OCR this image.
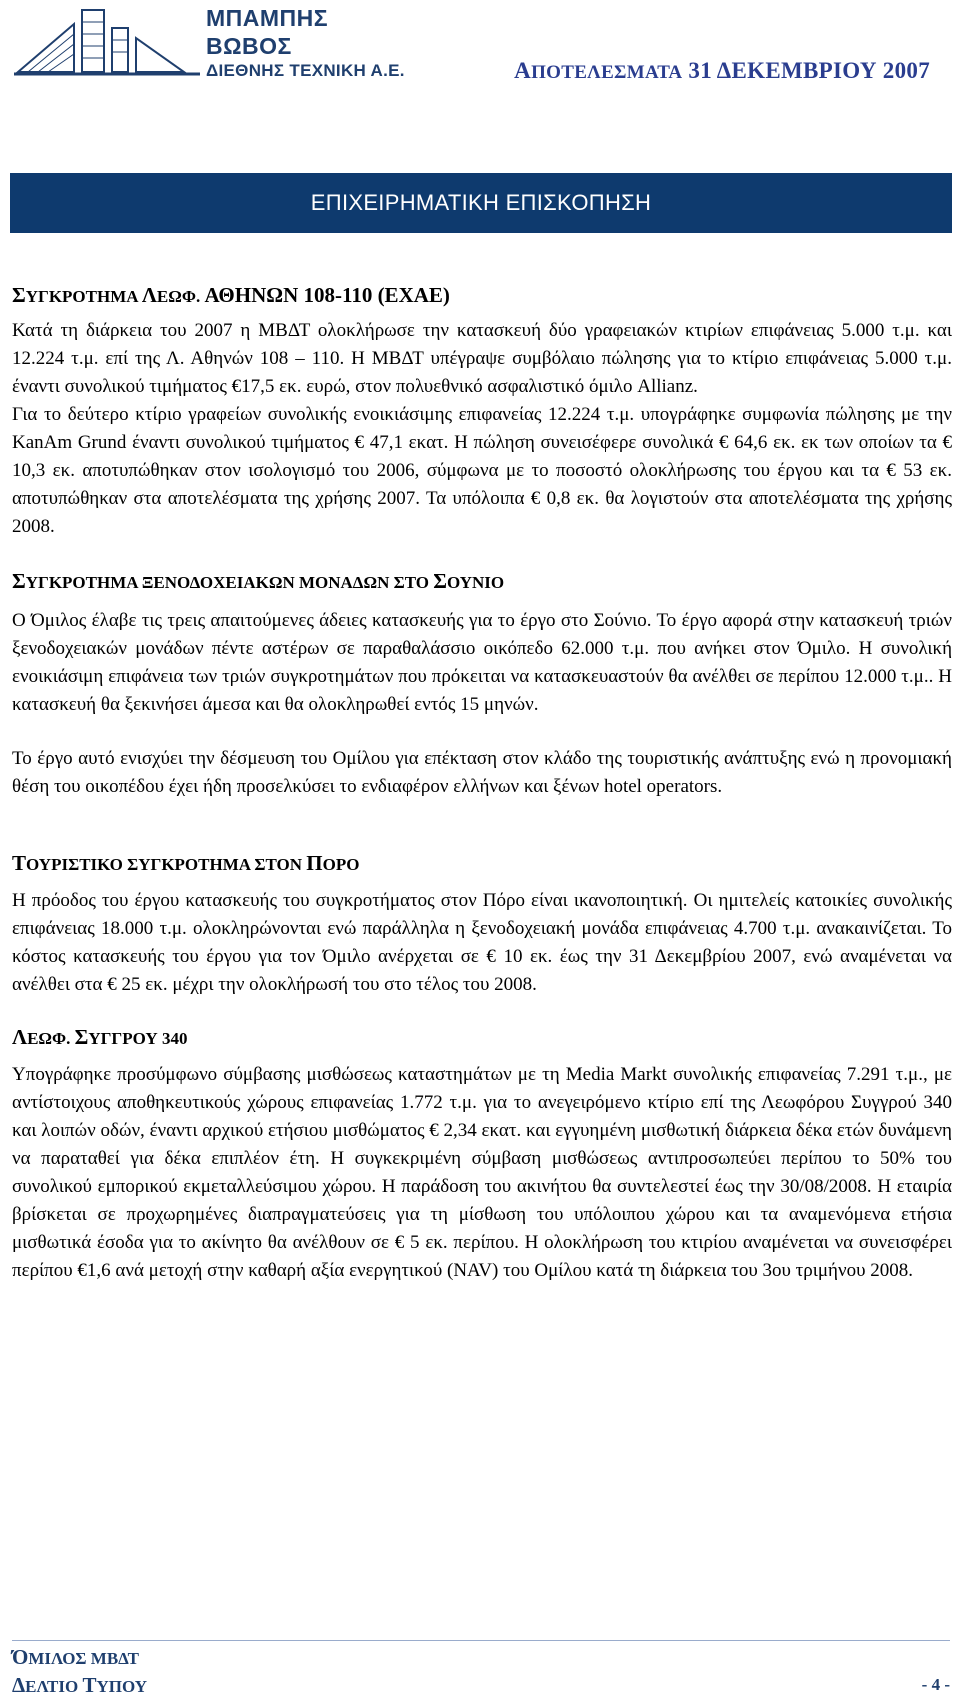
ΜΠΑΜΠΗΣ
ΒΩΒΟΣ
ΔΙΕΘΝΗΣ ΤΕΧΝΙΚΗ Α.Ε.	ΑΠΟΤΕΛΕΣΜΑΤΑ 31 ΔΕΚΕΜΒΡΙΟΥ 2007
ΕΠΙΧΕΙΡΗΜΑΤΙΚΗ ΕΠΙΣΚΟΠΗΣΗ

ΣΥΓΚΡΟΤΗΜΑ ΛΕΩΦ. ΑΘΗΝΩΝ 108-110 (EXAE)

Κατά τη διάρκεια του 2007 η ΜΒΔΤ ολοκλήρωσε την κατασκευή δύο γραφειακών κτιρίων επιφάνειας 5.000 τ.μ. και 12.224 τ.μ. επί της Λ. Αθηνών 108 – 110. Η ΜΒΔΤ υπέγραψε συμβόλαιο πώλησης για το κτίριο επιφάνειας 5.000 τ.μ. έναντι συνολικού τιμήματος €17,5 εκ. ευρώ, στον πολυεθνικό ασφαλιστικό όμιλο Allianz.

Για το δεύτερο κτίριο γραφείων συνολικής ενοικιάσιμης επιφανείας 12.224 τ.μ. υπογράφηκε συμφωνία πώλησης με την KanAm Grund έναντι συνολικού τιμήματος € 47,1 εκατ. Η πώληση συνεισέφερε συνολικά € 64,6 εκ. εκ των οποίων τα € 10,3 εκ. αποτυπώθηκαν στον ισολογισμό του 2006, σύμφωνα με το ποσοστό ολοκλήρωσης του έργου και τα € 53 εκ. αποτυπώθηκαν στα αποτελέσματα της χρήσης 2007. Τα υπόλοιπα € 0,8 εκ. θα λογιστούν στα αποτελέσματα της χρήσης 2008.

ΣΥΓΚΡΟΤΗΜΑ ΞΕΝΟΔΟΧΕΙΑΚΩΝ ΜΟΝΑΔΩΝ ΣΤΟ ΣΟΥΝΙΟ

Ο Όμιλος έλαβε τις τρεις απαιτούμενες άδειες κατασκευής για το έργο στο Σούνιο. Το έργο αφορά στην κατασκευή τριών ξενοδοχειακών μονάδων πέντε αστέρων σε παραθαλάσσιο οικόπεδο 62.000 τ.μ. που ανήκει στον Όμιλο. Η συνολική ενοικιάσιμη επιφάνεια των τριών συγκροτημάτων που πρόκειται να κατασκευαστούν θα ανέλθει σε περίπου 12.000 τ.μ.. Η κατασκευή θα ξεκινήσει άμεσα και θα ολοκληρωθεί εντός 15 μηνών.

Το έργο αυτό ενισχύει την δέσμευση του Ομίλου για επέκταση στον κλάδο της τουριστικής ανάπτυξης ενώ η προνομιακή θέση του οικοπέδου έχει ήδη προσελκύσει το ενδιαφέρον ελλήνων και ξένων hotel operators.

ΤΟΥΡΙΣΤΙΚΟ ΣΥΓΚΡΟΤΗΜΑ ΣΤΟΝ ΠΟΡΟ

Η πρόοδος του έργου κατασκευής του συγκροτήματος στον Πόρο είναι ικανοποιητική. Οι ημιτελείς κατοικίες συνολικής επιφάνειας 18.000 τ.μ. ολοκληρώνονται ενώ παράλληλα η ξενοδοχειακή μονάδα επιφάνειας 4.700 τ.μ. ανακαινίζεται. Το κόστος κατασκευής του έργου για τον Όμιλο ανέρχεται σε € 10 εκ. έως την 31 Δεκεμβρίου 2007, ενώ αναμένεται να ανέλθει στα € 25 εκ. μέχρι την ολοκλήρωσή του στο τέλος του 2008.

ΛΕΩΦ. ΣΥΓΓΡΟΥ 340

Υπογράφηκε προσύμφωνο σύμβασης μισθώσεως καταστημάτων με τη Media Markt συνολικής επιφανείας 7.291 τ.μ., με αντίστοιχους αποθηκευτικούς χώρους επιφανείας 1.772 τ.μ. για το ανεγειρόμενο κτίριο επί της Λεωφόρου Συγγρού 340 και λοιπών οδών, έναντι αρχικού ετήσιου μισθώματος € 2,34 εκατ. και εγγυημένη μισθωτική διάρκεια δέκα ετών δυνάμενη να παραταθεί για δέκα επιπλέον έτη. Η συγκεκριμένη σύμβαση μισθώσεως αντιπροσωπεύει περίπου το 50% του συνολικού εμπορικού εκμεταλλεύσιμου χώρου. Η παράδοση του ακινήτου θα συντελεστεί έως την 30/08/2008. Η εταιρία βρίσκεται σε προχωρημένες διαπραγματεύσεις για τη μίσθωση του υπόλοιπου χώρου και τα αναμενόμενα ετήσια μισθωτικά έσοδα για το ακίνητο θα ανέλθουν σε € 5 εκ. περίπου. Η ολοκλήρωση του κτιρίου αναμένεται να συνεισφέρει περίπου €1,6 ανά μετοχή στην καθαρή αξία ενεργητικού (NAV) του Ομίλου κατά τη διάρκεια του 3ου τριμήνου 2008.

ΌΜΙΛΟΣ ΜΒΔΤ
ΔΕΛΤΙΟ ΤΥΠΟΥ	- 4 -
